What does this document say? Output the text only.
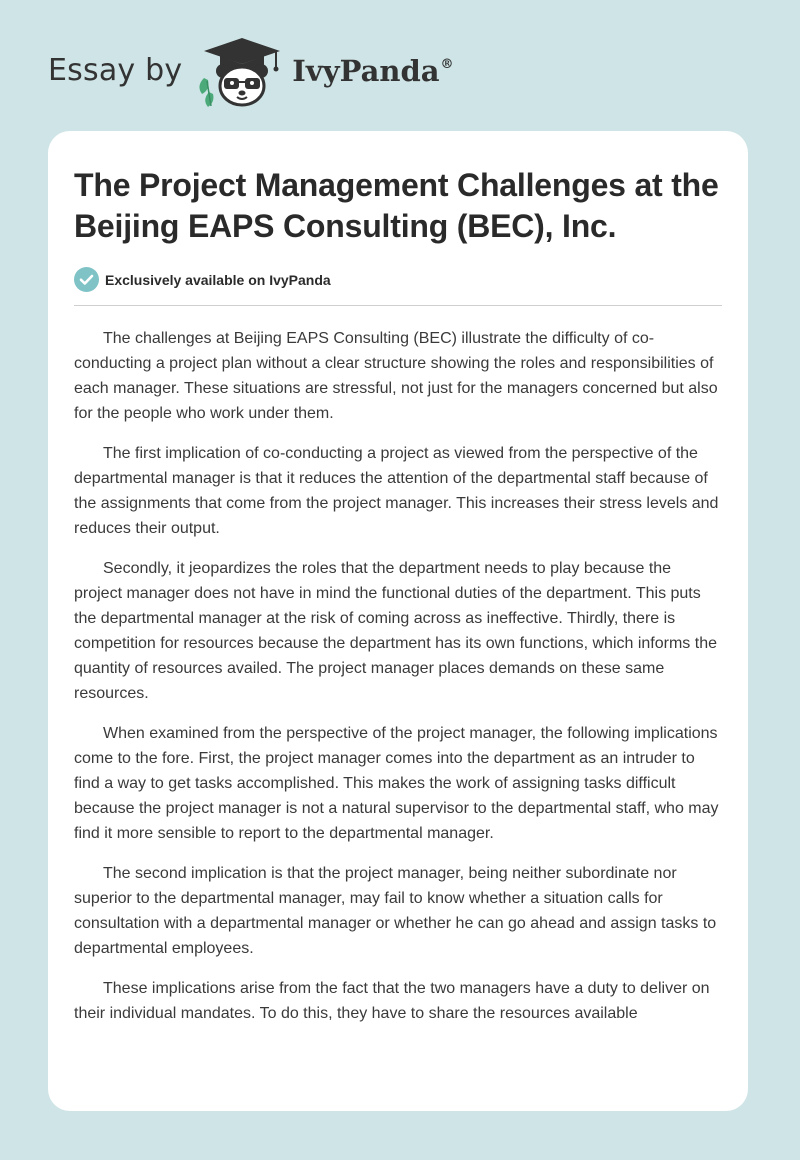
Essay by	IvyPanda®
The Project Management Challenges at the Beijing EAPS Consulting (BEC), Inc.
Exclusively available on IvyPanda

The challenges at Beijing EAPS Consulting (BEC) illustrate the difficulty of co-conducting a project plan without a clear structure showing the roles and responsibilities of each manager. These situations are stressful, not just for the managers concerned but also for the people who work under them.

The first implication of co-conducting a project as viewed from the perspective of the departmental manager is that it reduces the attention of the departmental staff because of the assignments that come from the project manager. This increases their stress levels and reduces their output.

Secondly, it jeopardizes the roles that the department needs to play because the project manager does not have in mind the functional duties of the department. This puts the departmental manager at the risk of coming across as ineffective. Thirdly, there is competition for resources because the department has its own functions, which informs the quantity of resources availed. The project manager places demands on these same resources.

When examined from the perspective of the project manager, the following implications come to the fore. First, the project manager comes into the department as an intruder to find a way to get tasks accomplished. This makes the work of assigning tasks difficult because the project manager is not a natural supervisor to the departmental staff, who may find it more sensible to report to the departmental manager.

The second implication is that the project manager, being neither subordinate nor superior to the departmental manager, may fail to know whether a situation calls for consultation with a departmental manager or whether he can go ahead and assign tasks to departmental employees.

These implications arise from the fact that the two managers have a duty to deliver on their individual mandates. To do this, they have to share the resources available
